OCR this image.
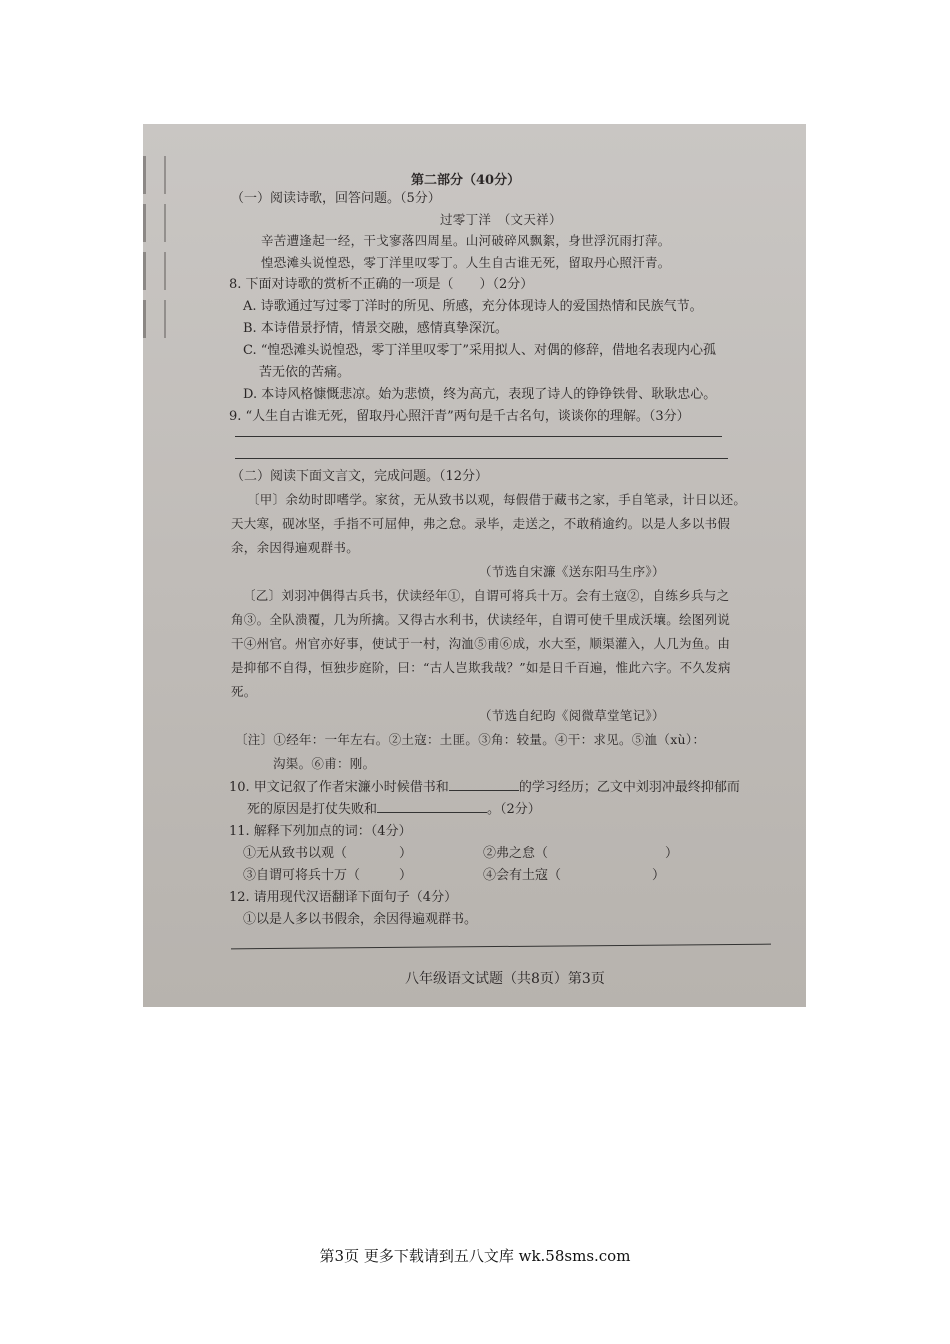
第二部分（40分）
（一）阅读诗歌，回答问题。（5分）
过零丁洋　（文天祥）
辛苦遭逢起一经，干戈寥落四周星。山河破碎风飘絮，身世浮沉雨打萍。
惶恐滩头说惶恐，零丁洋里叹零丁。人生自古谁无死，留取丹心照汗青。
8. 下面对诗歌的赏析不正确的一项是（　　）（2分）
A. 诗歌通过写过零丁洋时的所见、所感，充分体现诗人的爱国热情和民族气节。
B. 本诗借景抒情，情景交融，感情真挚深沉。
C. “惶恐滩头说惶恐，零丁洋里叹零丁”采用拟人、对偶的修辞，借地名表现内心孤
苦无依的苦痛。
D. 本诗风格慷慨悲凉。始为悲愤，终为高亢，表现了诗人的铮铮铁骨、耿耿忠心。
9. “人生自古谁无死，留取丹心照汗青”两句是千古名句，谈谈你的理解。（3分）
（二）阅读下面文言文，完成问题。（12分）
〔甲〕余幼时即嗜学。家贫，无从致书以观，每假借于藏书之家，手自笔录，计日以还。
天大寒，砚冰坚，手指不可屈伸，弗之怠。录毕，走送之，不敢稍逾约。以是人多以书假
余，余因得遍观群书。
（节选自宋濂《送东阳马生序》）
〔乙〕刘羽冲偶得古兵书，伏读经年①，自谓可将兵十万。会有土寇②，自练乡兵与之
角③。全队溃覆，几为所擒。又得古水利书，伏读经年，自谓可使千里成沃壤。绘图列说
干④州官。州官亦好事，使试于一村，沟洫⑤甫⑥成，水大至，顺渠灌入，人几为鱼。由
是抑郁不自得，恒独步庭阶，曰：“古人岂欺我哉？”如是日千百遍，惟此六字。不久发病
死。
（节选自纪昀《阅微草堂笔记》）
〔注〕①经年：一年左右。②土寇：土匪。③角：较量。④干：求见。⑤洫（xù）：
沟渠。⑥甫：刚。
10. 甲文记叙了作者宋濂小时候借书和	的学习经历；乙文中刘羽冲最终抑郁而
死的原因是打仗失败和	。（2分）
11. 解释下列加点的词：（4分）
①无从致书以观（　　　　）	②弗之怠（　　　　　　　　　）
③自谓可将兵十万（　　　）	④会有土寇（　　　　　　　）
12. 请用现代汉语翻译下面句子（4分）
①以是人多以书假余，余因得遍观群书。
八年级语文试题（共8页）第3页
第3页 更多下载请到五八文库 wk.58sms.com
